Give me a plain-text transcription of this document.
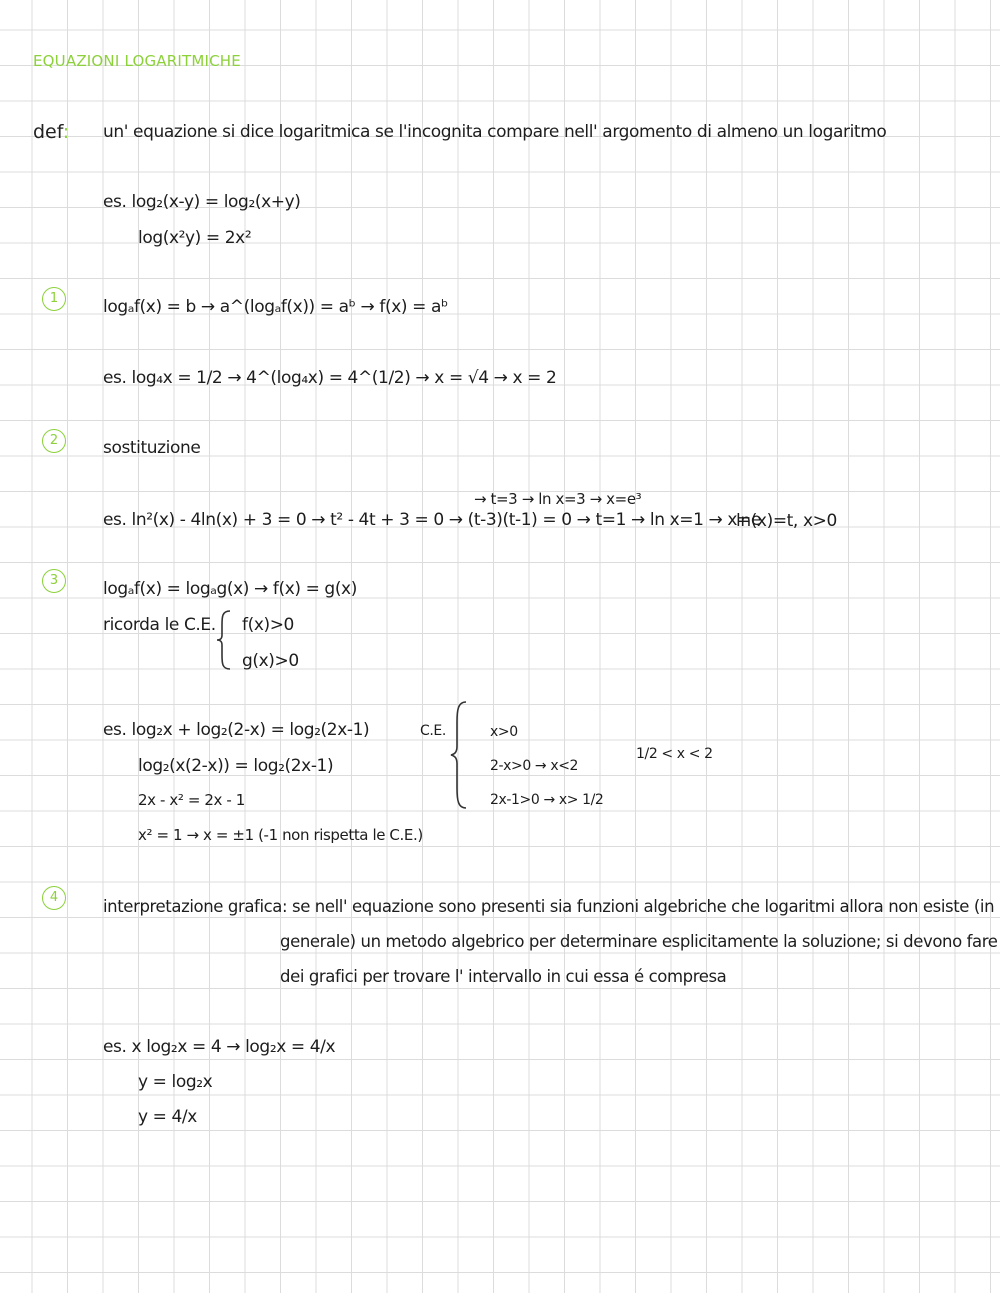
EQUAZIONI LOGARITMICHE
def: un' equazione si dice logaritmica se l'incognita compare nell' argomento di almeno un logaritmo
es. log₂(x-y) = log₂(x+y)
log(x²y) = 2x²
1	logₐf(x) = b → a^(logₐf(x)) = aᵇ → f(x) = aᵇ
es. log₄x = 1/2 → 4^(log₄x) = 4^(1/2) → x = √4 → x = 2
2	sostituzione
→ t=3 → ln x=3 → x=e³
es. ln²(x) - 4ln(x) + 3 = 0 → t² - 4t + 3 = 0 → (t-3)(t-1) = 0 → t=1 → ln x=1 → x=e
ln(x)=t, x>0
3	logₐf(x) = logₐg(x) → f(x) = g(x)
ricorda le C.E. f(x)>0
g(x)>0
es. log₂x + log₂(2-x) = log₂(2x-1)
log₂(x(2-x)) = log₂(2x-1)
2x - x² = 2x - 1
x² = 1 → x = ±1 (-1 non rispetta le C.E.)
C.E.	x>0
2-x>0 → x<2
2x-1>0 → x> 1/2
1/2 < x < 2
4	interpretazione grafica: se nell' equazione sono presenti sia funzioni algebriche che logaritmi allora non esiste (in
generale) un metodo algebrico per determinare esplicitamente la soluzione; si devono fare
dei grafici per trovare l' intervallo in cui essa é compresa
es. x log₂x = 4 → log₂x = 4/x
y = log₂x
y = 4/x
